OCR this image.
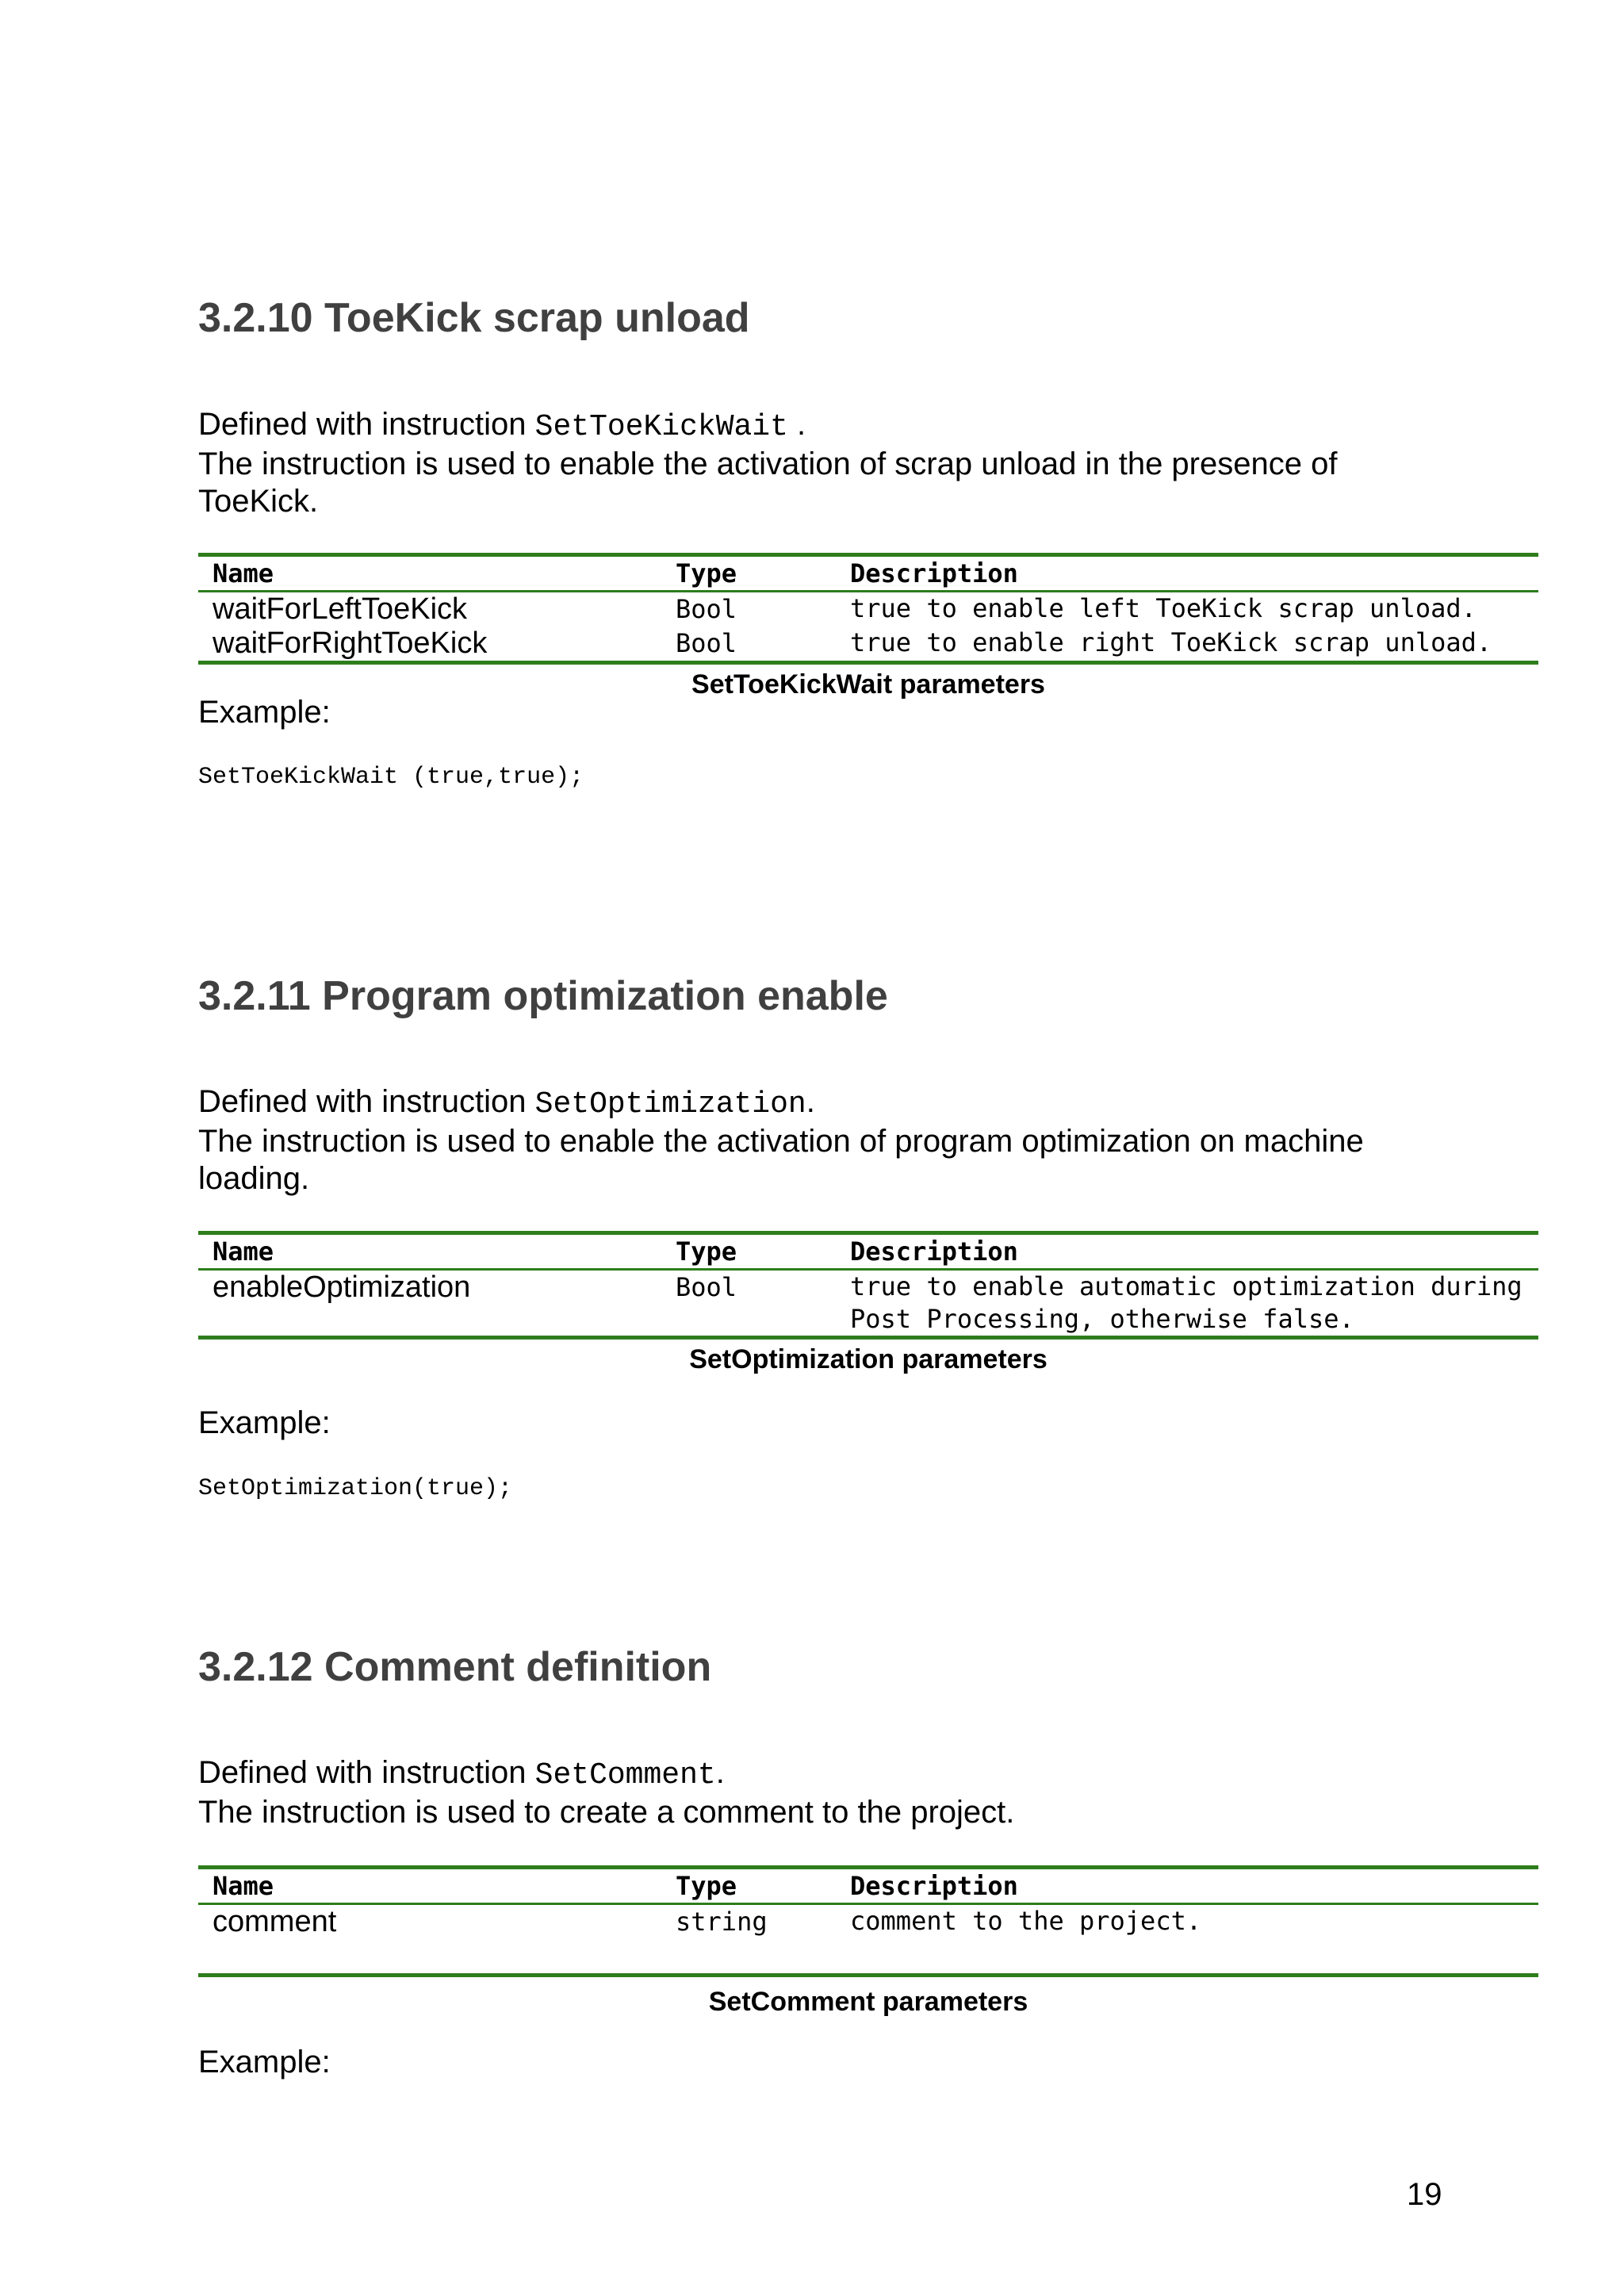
3.2.10 ToeKick scrap unload

Defined with instruction SetToeKickWait .

The instruction is used to enable the activation of scrap unload in the presence of ToeKick.

Name	Type	Description
waitForLeftToeKick	Bool	true to enable left ToeKick scrap unload.
waitForRightToeKick	Bool	true to enable right ToeKick scrap unload.
SetToeKickWait parameters
Example:
SetToeKickWait (true,true);
3.2.11 Program optimization enable

Defined with instruction SetOptimization.

The instruction is used to enable the activation of program optimization on machine loading.

Name	Type	Description
enableOptimization	Bool	true to enable automatic optimization during Post Processing, otherwise false.
SetOptimization parameters
Example:
SetOptimization(true);
3.2.12 Comment definition

Defined with instruction SetComment.

The instruction is used to create a comment to the project.

Name	Type	Description
comment	string	comment to the project.
SetComment parameters
Example:
19
